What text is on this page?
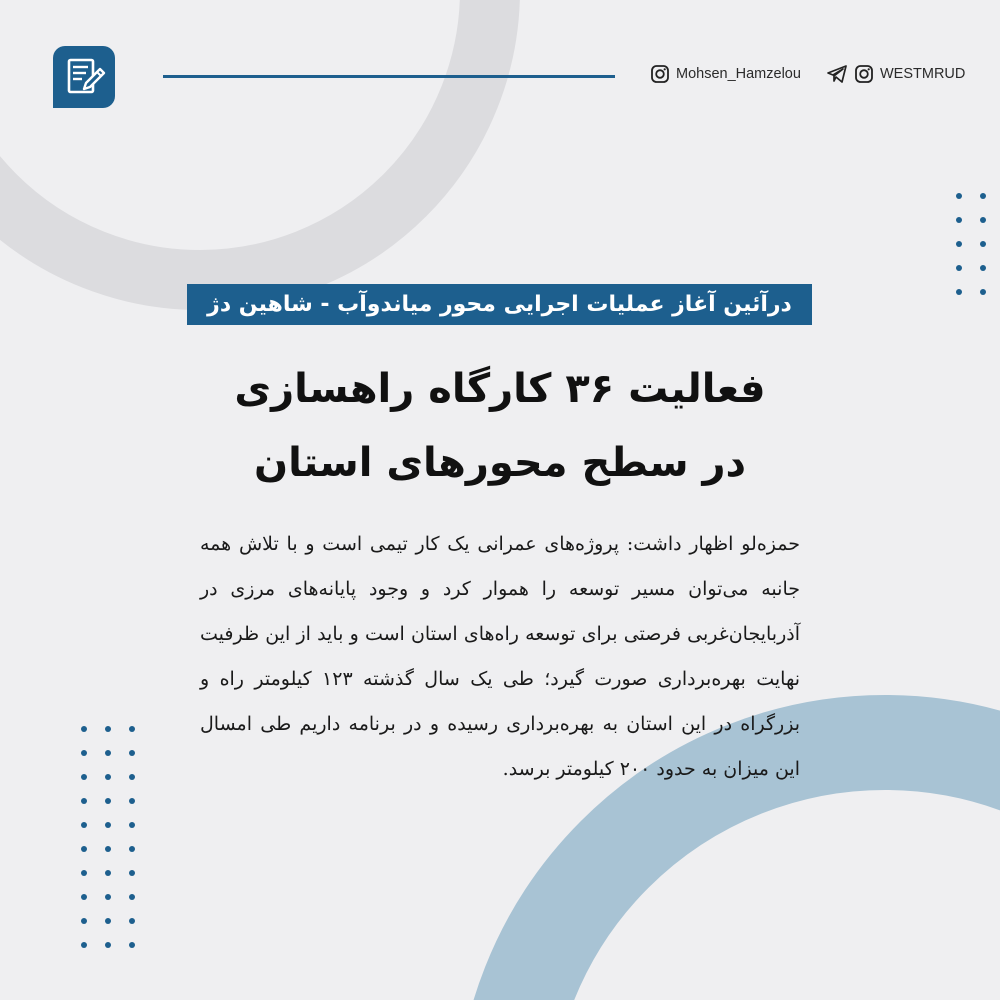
Mohsen_Hamzelou	WESTMRUD
درآئین آغاز عملیات اجرایی محور میاندوآب - شاهین دژ
فعالیت ۳۶ کارگاه راهسازی
در سطح محورهای استان
حمزه‌لو اظهار داشت: پروژه‌های عمرانی یک کار تیمی است و با تلاش همه جانبه می‌توان مسیر توسعه را هموار کرد و وجود پایانه‌های مرزی در آذربایجان‌غربی فرصتی برای توسعه راه‌های استان است و باید از این ظرفیت نهایت بهره‌برداری صورت گیرد؛ طی یک سال گذشته ۱۲۳ کیلومتر راه و بزرگراه در این استان به بهره‌برداری رسیده و در برنامه داریم طی امسال این میزان به حدود ۲۰۰ کیلومتر برسد.
